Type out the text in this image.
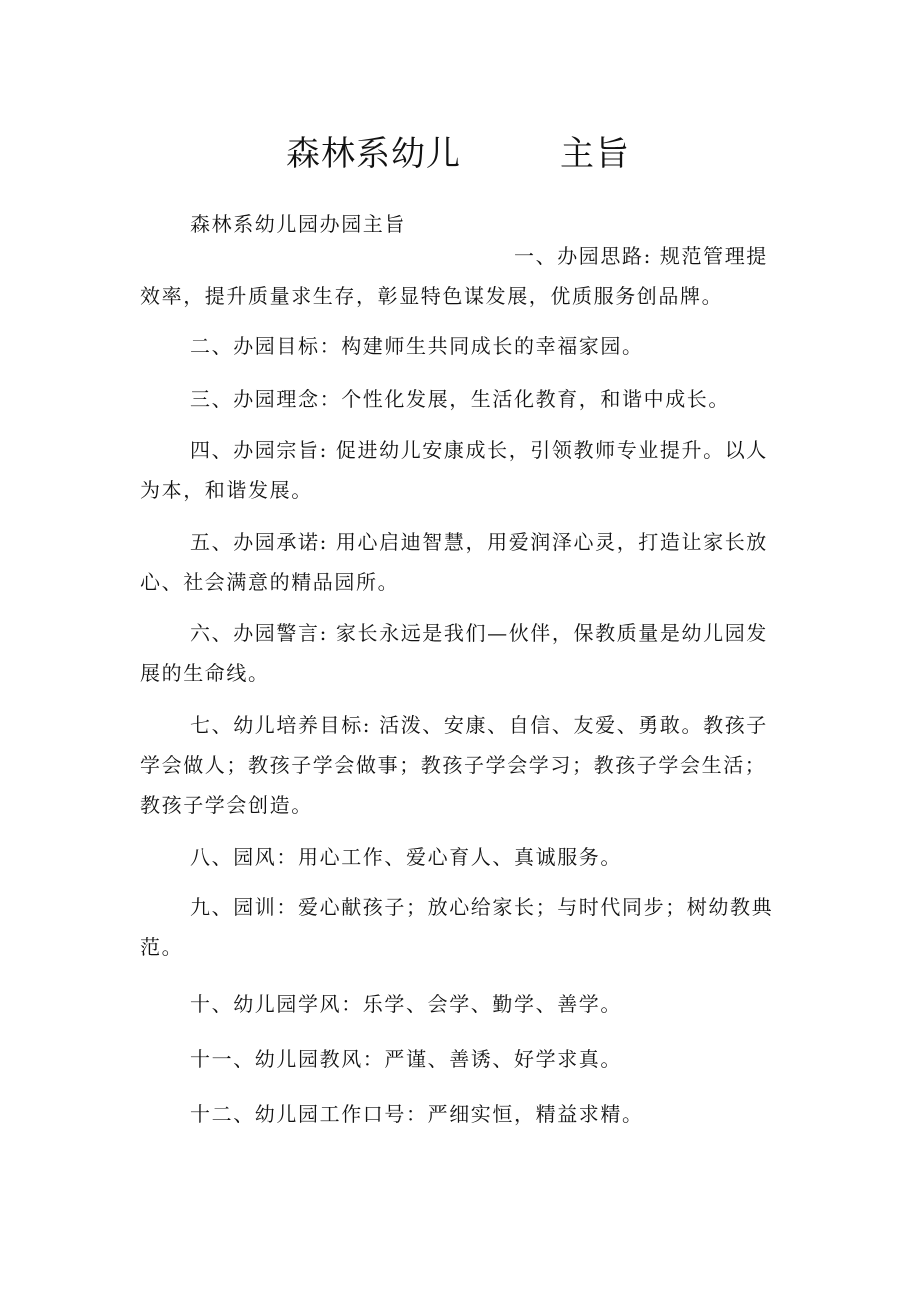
森林系幼儿	主旨
森林系幼儿园办园主旨
一、办园思路: 规范管理提效率，提升质量求生存，彰显特色谋发展，优质服务创品牌。
二、办园目标：构建师生共同成长的幸福家园。
三、办园理念：个性化发展，生活化教育，和谐中成长。
四、办园宗旨: 促进幼儿安康成长，引领教师专业提升。以人为本，和谐发展。
五、办园承诺: 用心启迪智慧，用爱润泽心灵，打造让家长放心、社会满意的精品园所。
六、办园警言: 家长永远是我们—伙伴，保教质量是幼儿园发展的生命线。
七、幼儿培养目标: 活泼、安康、自信、友爱、勇敢。教孩子学会做人；教孩子学会做事；教孩子学会学习；教孩子学会生活；教孩子学会创造。
八、园风：用心工作、爱心育人、真诚服务。
九、园训：爱心献孩子；放心给家长；与时代同步；树幼教典范。
十、幼儿园学风：乐学、会学、勤学、善学。
十一、幼儿园教风：严谨、善诱、好学求真。
十二、幼儿园工作口号：严细实恒，精益求精。
